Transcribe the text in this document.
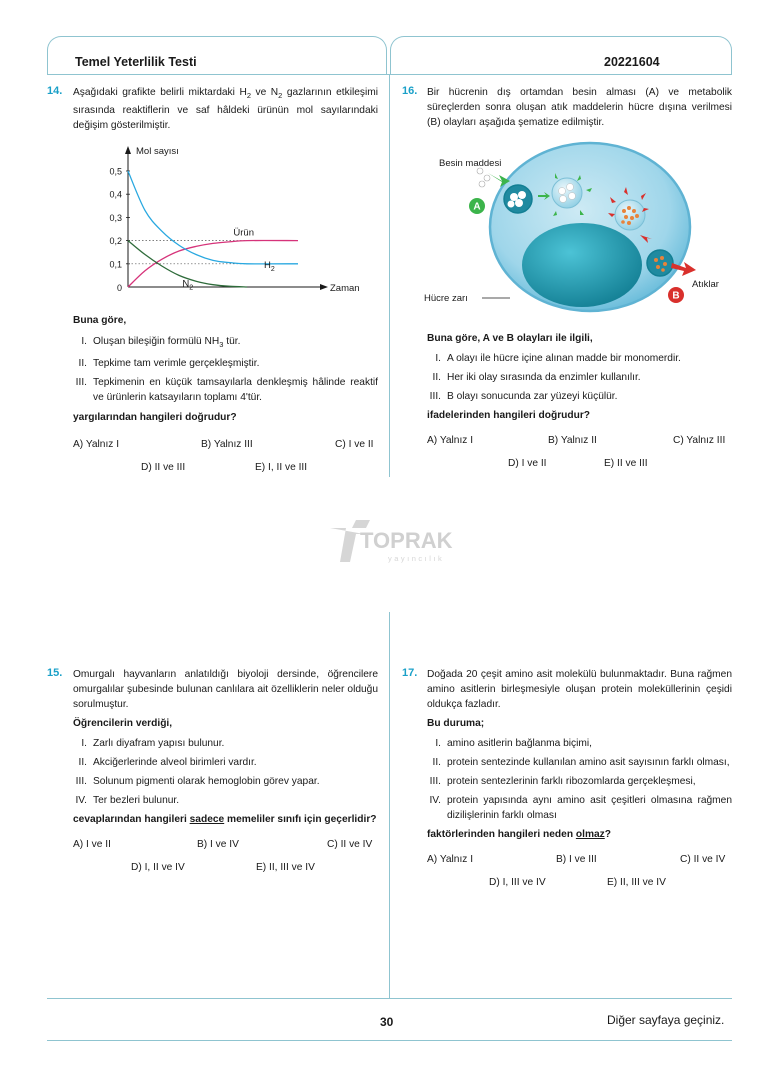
Temel Yeterlilik Testi	20221604
14. Aşağıdaki grafikte belirli miktardaki $H_2$ ve $N_2$ gazlarının etkileşimi sırasında reaktiflerin ve saf hâldeki ürünün mol sayılarındaki değişim gösterilmiştir.
0
0,1
0,2
0,3
0,4
0,5
Mol sayısı
Zaman
Ürün
$H_2$
$N_2$
Buna göre,
I. Oluşan bileşiğin formülü $NH_3$ tür.
II. Tepkime tam verimle gerçekleşmiştir.
III. Tepkimenin en küçük tamsayılarla denkleşmiş hâlinde reaktif ve ürünlerin katsayıların toplamı 4'tür.
yargılarından hangileri doğrudur?
A) Yalnız I	B) Yalnız III	C) I ve II
D) II ve III	E) I, II ve III
16. Bir hücrenin dış ortamdan besin alması (A) ve metabolik süreçlerden sonra oluşan atık maddelerin hücre dışına verilmesi (B) olayları aşağıda şematize edilmiştir.
Besin maddesi
Hücre zarı
Atıklar
A
B
Buna göre, A ve B olayları ile ilgili,
I. A olayı ile hücre içine alınan madde bir monomerdir.
II. Her iki olay sırasında da enzimler kullanılır.
III. B olayı sonucunda zar yüzeyi küçülür.
ifadelerinden hangileri doğrudur?
A) Yalnız I	B) Yalnız II	C) Yalnız III
D) I ve II	E) II ve III
TOPRAK
yayıncılık
15. Omurgalı hayvanların anlatıldığı biyoloji dersinde, öğrencilere omurgalılar şubesinde bulunan canlılara ait özelliklerin neler olduğu sorulmuştur.
Öğrencilerin verdiği,
I. Zarlı diyafram yapısı bulunur.
II. Akciğerlerinde alveol birimleri vardır.
III. Solunum pigmenti olarak hemoglobin görev yapar.
IV. Ter bezleri bulunur.
cevaplarından hangileri sadece memeliler sınıfı için geçerlidir?
A) I ve II	B) I ve IV	C) II ve IV
D) I, II ve IV	E) II, III ve IV
17. Doğada 20 çeşit amino asit molekülü bulunmaktadır. Buna rağmen amino asitlerin birleşmesiyle oluşan protein moleküllerinin çeşidi oldukça fazladır.
Bu duruma;
I. amino asitlerin bağlanma biçimi,
II. protein sentezinde kullanılan amino asit sayısının farklı olması,
III. protein sentezlerinin farklı ribozomlarda gerçekleşmesi,
IV. protein yapısında aynı amino asit çeşitleri olmasına rağmen dizilişlerinin farklı olması
faktörlerinden hangileri neden olmaz?
A) Yalnız I	B) I ve III	C) II ve IV
D) I, III ve IV	E) II, III ve IV
30	Diğer sayfaya geçiniz.
